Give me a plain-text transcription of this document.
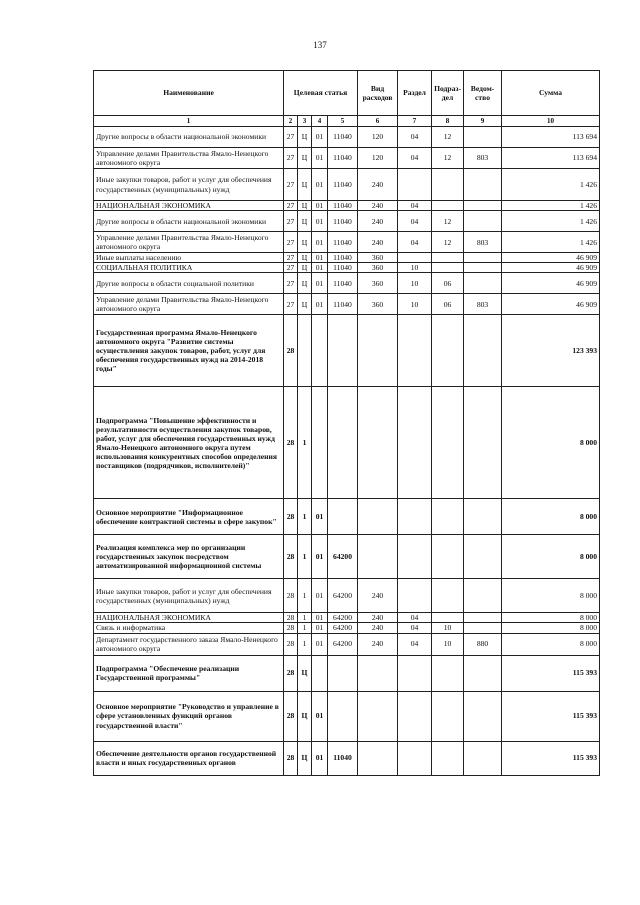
137
Наименование	Целевая статья				Вид расходов	Раздел	Подраз-дел	Ведом-ство	Сумма
1	2	3	4	5	6	7	8	9	10
Другие вопросы в области национальной экономики	27	Ц	01	11040	120	04	12		113 694
Управление делами Правительства Ямало-Ненецкого автономного округа	27	Ц	01	11040	120	04	12	803	113 694
Иные закупки товаров, работ и услуг для обеспечения государственных (муниципальных) нужд	27	Ц	01	11040	240				1 426
НАЦИОНАЛЬНАЯ ЭКОНОМИКА	27	Ц	01	11040	240	04			1 426
Другие вопросы в области национальной экономики	27	Ц	01	11040	240	04	12		1 426
Управление делами Правительства Ямало-Ненецкого автономного округа	27	Ц	01	11040	240	04	12	803	1 426
Иные выплаты населению	27	Ц	01	11040	360				46 909
СОЦИАЛЬНАЯ ПОЛИТИКА	27	Ц	01	11040	360	10			46 909
Другие вопросы в области социальной политики	27	Ц	01	11040	360	10	06		46 909
Управление делами Правительства Ямало-Ненецкого автономного округа	27	Ц	01	11040	360	10	06	803	46 909
Государственная программа Ямало-Ненецкого автономного округа "Развитие системы осуществления закупок товаров, работ, услуг для обеспечения государственных нужд на 2014-2018 годы"	28								123 393
Подпрограмма "Повышение эффективности и результативности осуществления закупок товаров, работ, услуг для обеспечения государственных нужд Ямало-Ненецкого автономного округа путем использования конкурентных способов определения поставщиков (подрядчиков, исполнителей)"	28	1							8 000
Основное мероприятие "Информационное обеспечение контрактной системы в сфере закупок"	28	1	01						8 000
Реализация комплекса мер по организации государственных закупок посредством автоматизированной информационной системы	28	1	01	64200					8 000
Иные закупки товаров, работ и услуг для обеспечения государственных (муниципальных) нужд	28	1	01	64200	240				8 000
НАЦИОНАЛЬНАЯ ЭКОНОМИКА	28	1	01	64200	240	04			8 000
Связь и информатика	28	1	01	64200	240	04	10		8 000
Департамент государственного заказа Ямало-Ненецкого автономного округа	28	1	01	64200	240	04	10	880	8 000
Подпрограмма "Обеспечение реализации Государственной программы"	28	Ц							115 393
Основное мероприятие "Руководство и управление в сфере установленных функций органов государственной власти"	28	Ц	01						115 393
Обеспечение деятельности органов государственной власти и иных государственных органов	28	Ц	01	11040					115 393
